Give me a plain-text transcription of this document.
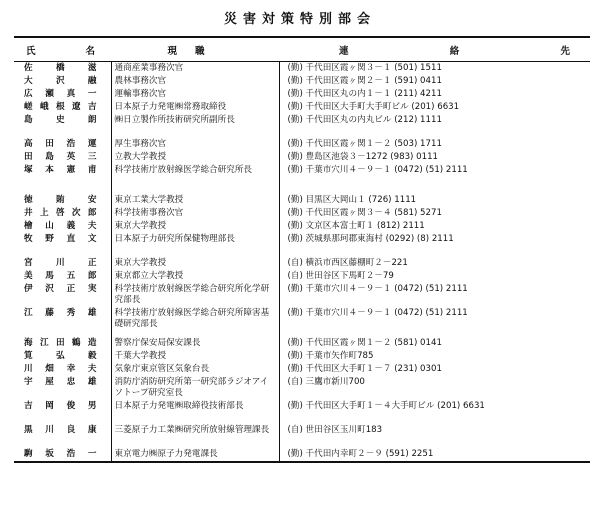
災害対策特別部会
氏名	現職	連絡先
佐橋滋	通商産業事務次官	(勤) 千代田区霞ヶ関３－１ (501) 1511
大沢融	農林事務次官	(勤) 千代田区霞ヶ関２－１ (591) 0411
広瀬真一	運輸事務次官	(勤) 千代田区丸の内１－１ (211) 4211
嵯峨根遼吉	日本原子力発電㈱常務取締役	(勤) 千代田区大手町大手町ビル (201) 6631
島史朗	㈱日立製作所技術研究所副所長	(勤) 千代田区丸の内丸ビル (212) 1111
高田浩運	厚生事務次官	(勤) 千代田区霞ヶ関１－２ (503) 1711
田島英三	立教大学教授	(勤) 豊島区池袋３－1272 (983) 0111
塚本憲甫	科学技術庁放射線医学総合研究所長	(勤) 千葉市穴川４－９－１ (0472) (51) 2111
徳賄安	東京工業大学教授	(勤) 目黒区大岡山１ (726) 1111
井上啓次郎	科学技術事務次官	(勤) 千代田区霞ヶ関３－４ (581) 5271
檜山義夫	東京大学教授	(勤) 文京区本富士町１ (812) 2111
牧野直文	日本原子力研究所保健物理部長	(勤) 茨城県那珂郡東海村 (0292) (8) 2111
宮川正	東京大学教授	(自) 横浜市西区藤棚町２－221
美馬五郎	東京都立大学教授	(自) 世田谷区下馬町２－79
伊沢正実	科学技術庁放射線医学総合研究所化学研究部長	(勤) 千葉市穴川４－９－１ (0472) (51) 2111
江藤秀雄	科学技術庁放射線医学総合研究所障害基礎研究部長	(勤) 千葉市穴川４－９－１ (0472) (51) 2111
海江田鶴造	警察庁保安局保安課長	(勤) 千代田区霞ヶ関１－２ (581) 0141
筧弘毅	千葉大学教授	(勤) 千葉市矢作町785
川畑幸夫	気象庁東京管区気象台長	(勤) 千代田区大手町１－７ (231) 0301
宇屋忠雄	消防庁消防研究所第一研究部ラジオアイソトープ研究室長	(自) 三鷹市新川700
吉岡俊男	日本原子力発電㈱取締役技術部長	(勤) 千代田区大手町１－４大手町ビル (201) 6631
黒川良康	三菱原子力工業㈱研究所放射線管理課長	(自) 世田谷区玉川町183
駒坂浩一	東京電力㈱原子力発電課長	(勤) 千代田内幸町２－９ (591) 2251
